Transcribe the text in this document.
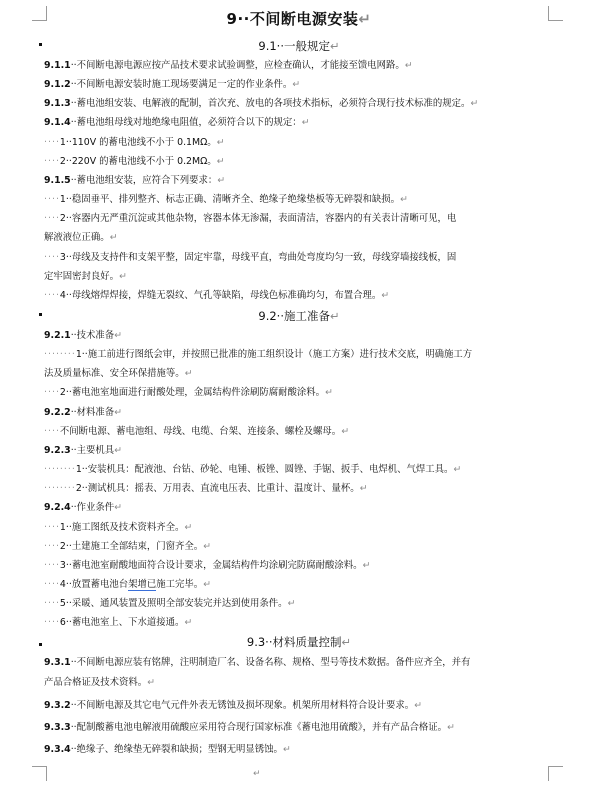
9··不间断电源安装↵
9.1··一般规定↵
9.1.1··不间断电源电源应按产品技术要求试验调整，应检查确认，才能接至馈电网路。↵
9.1.2··不间断电源安装时施工现场要满足一定的作业条件。↵
9.1.3··蓄电池组安装、电解液的配制，首次充、放电的各项技术指标，必须符合现行技术标准的规定。↵
9.1.4··蓄电池组母线对地绝缘电阻值，必须符合以下的规定：↵
····1··110V 的蓄电池线不小于 0.1MΩ。↵
····2··220V 的蓄电池线不小于 0.2MΩ。↵
9.1.5··蓄电池组安装，应符合下列要求：↵
····1··稳固垂平、排列整齐、标志正确、清晰齐全、绝缘子绝缘垫板等无碎裂和缺损。↵
····2··容器内无严重沉淀或其他杂物，容器本体无渗漏，表面清洁，容器内的有关表计清晰可见，电
解液液位正确。↵
····3··母线及支持件和支架平整，固定牢靠，母线平直，弯曲处弯度均匀一致，母线穿墙接线板，固
定牢固密封良好。↵
····4··母线熔焊焊接，焊缝无裂纹、气孔等缺陷，母线色标准确均匀，布置合理。↵
9.2··施工准备↵
9.2.1··技术准备↵
········1··施工前进行图纸会审，并按照已批准的施工组织设计（施工方案）进行技术交底，明确施工方
法及质量标准、安全环保措施等。↵
····2··蓄电池室地面进行耐酸处理，金属结构件涂刷防腐耐酸涂料。↵
9.2.2··材料准备↵
····不间断电源、蓄电池组、母线、电缆、台架、连接条、螺栓及螺母。↵
9.2.3··主要机具↵
········1··安装机具：配液池、台钻、砂轮、电锤、板锉、圆锉、手锯、扳手、电焊机、气焊工具。↵
········2··测试机具：摇表、万用表、直流电压表、比重计、温度计、量杯。↵
9.2.4··作业条件↵
····1··施工图纸及技术资料齐全。↵
····2··土建施工全部结束，门窗齐全。↵
····3··蓄电池室耐酸地面符合设计要求，金属结构件均涂刷完防腐耐酸涂料。↵
····4··放置蓄电池台架增已施工完毕。↵
····5··采暖、通风装置及照明全部安装完并达到使用条件。↵
····6··蓄电池室上、下水道接通。↵
9.3··材料质量控制↵
9.3.1··不间断电源应装有铭牌，注明制造厂名、设备名称、规格、型号等技术数据。备件应齐全，并有
产品合格证及技术资料。↵
9.3.2··不间断电源及其它电气元件外表无锈蚀及损坏现象。机架所用材料符合设计要求。↵
9.3.3··配制酸蓄电池电解液用硫酸应采用符合现行国家标准《蓄电池用硫酸》，并有产品合格证。↵
9.3.4··绝缘子、绝缘垫无碎裂和缺损；型钢无明显锈蚀。↵
↵
